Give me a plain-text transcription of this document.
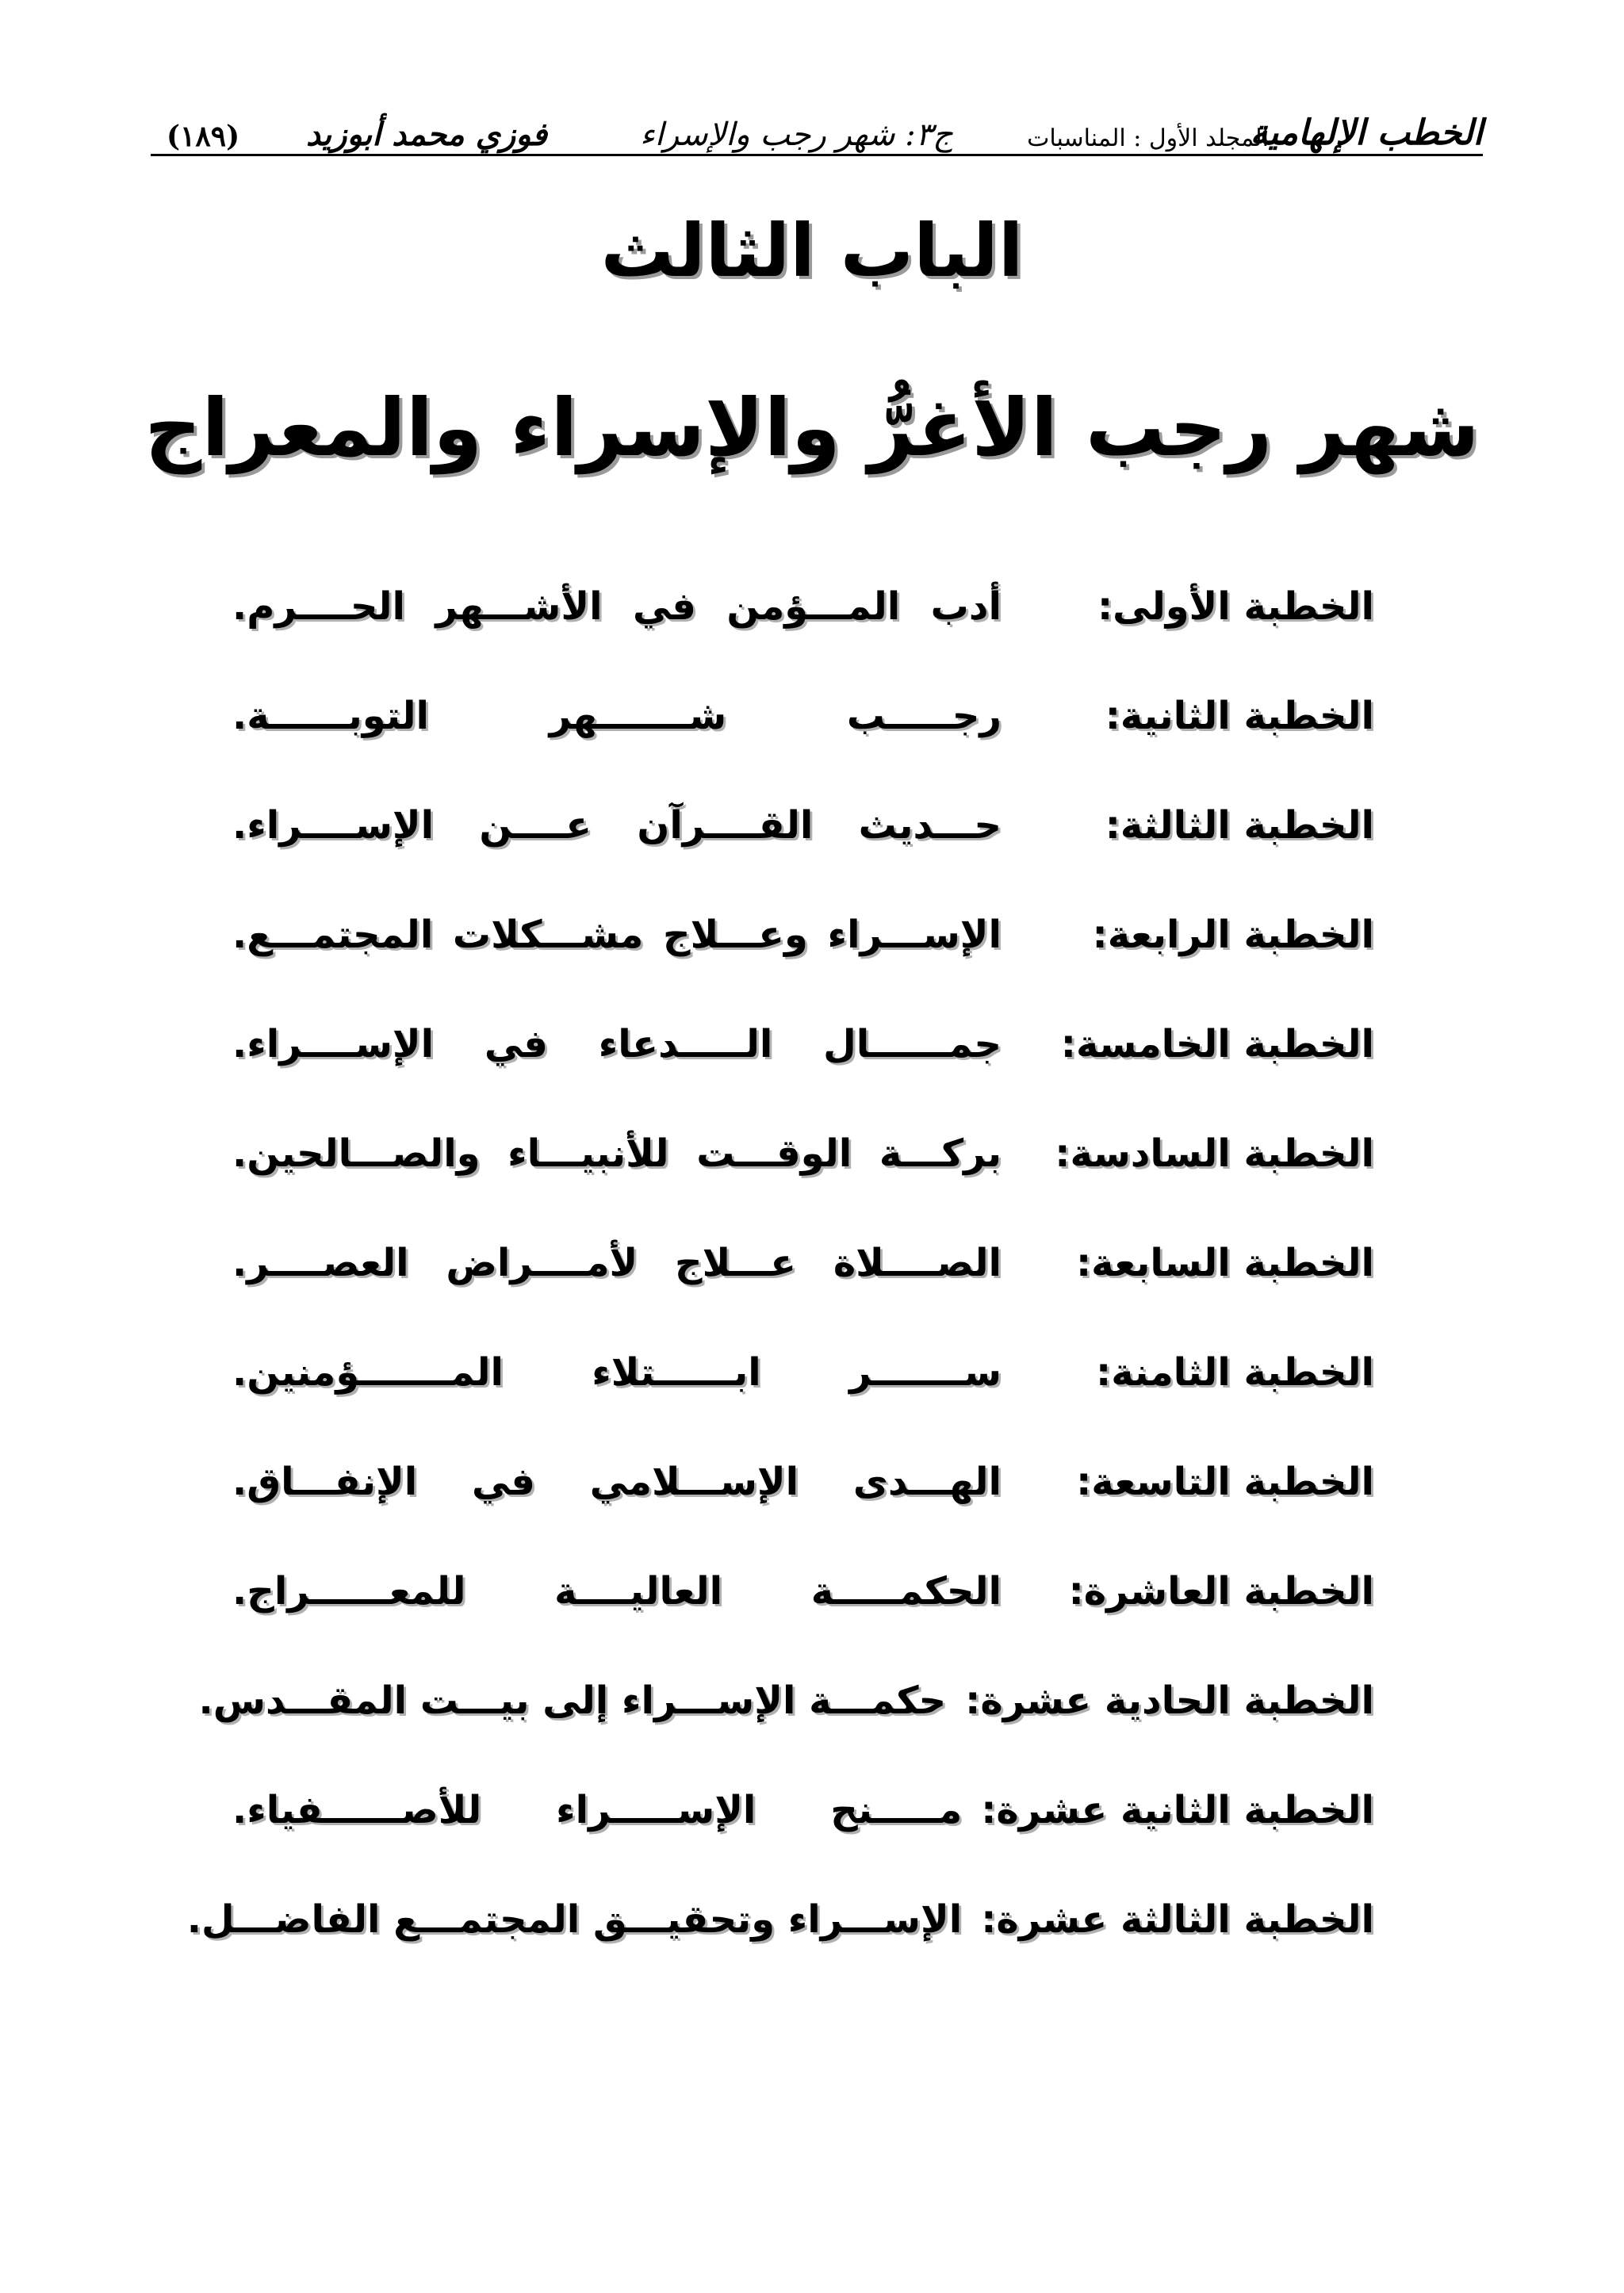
الخطب الإلهامية
المجلد الأول : المناسبات
ج٣: شهر رجب والإسراء
فوزي محمد أبوزيد
(١٨٩)
الباب الثالث
شهر رجب الأغرُّ والإسراء والمعراج
الخطبة الأولى:
أدب المـــؤمن في الأشـــهر الحــــرم.
الخطبة الثانية:
رجـــــب شـــــــهر التوبــــــة.
الخطبة الثالثة:
حـــديث القــــرآن عــــن الإســــراء.
الخطبة الرابعة:
الإســـراء وعـــلاج مشـــكلات المجتمـــع.
الخطبة الخامسة:
جمــــــال الـــــدعاء في الإســــراء.
الخطبة السادسة:
بركـــة الوقـــت للأنبيـــاء والصـــالحين.
الخطبة السابعة:
الصــــلاة عـــلاج لأمــــراض العصــــر.
الخطبة الثامنة:
ســـــــر ابــــــتلاء المـــــــؤمنين.
الخطبة التاسعة:
الهـــدى الإســـلامي في الإنفـــاق.
الخطبة العاشرة:
الحكمـــــة العاليــــة للمعــــــراج.
الخطبة الحادية عشرة:
حكمـــة الإســـراء إلى بيـــت المقـــدس.
الخطبة الثانية عشرة:
مـــــنح الإســـــراء للأصــــــفياء.
الخطبة الثالثة عشرة:
الإســـراء وتحقيـــق المجتمـــع الفاضـــل.
